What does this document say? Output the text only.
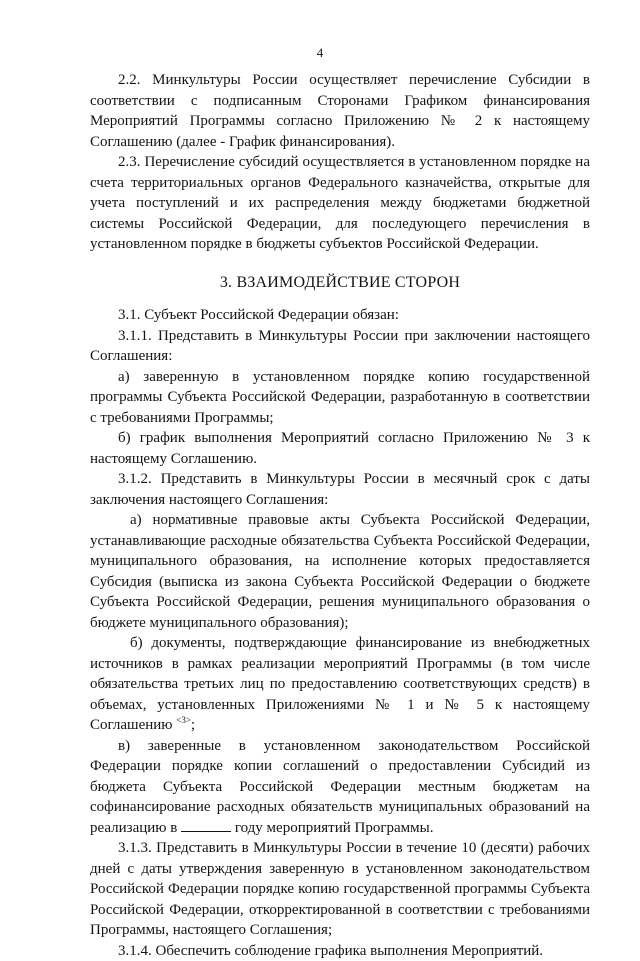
4

2.2. Минкультуры России осуществляет перечисление Субсидии в соответствии с подписанным Сторонами Графиком финансирования Мероприятий Программы согласно Приложению № 2 к настоящему Соглашению (далее - График финансирования).

2.3. Перечисление субсидий осуществляется в установленном порядке на счета территориальных органов Федерального казначейства, открытые для учета поступлений и их распределения между бюджетами бюджетной системы Российской Федерации, для последующего перечисления в установленном порядке в бюджеты субъектов Российской Федерации.

3. ВЗАИМОДЕЙСТВИЕ СТОРОН

3.1. Субъект Российской Федерации обязан:

3.1.1. Представить в Минкультуры России при заключении настоящего Соглашения:

а) заверенную в установленном порядке копию государственной программы Субъекта Российской Федерации, разработанную в соответствии с требованиями Программы;

б) график выполнения Мероприятий согласно Приложению № 3 к настоящему Соглашению.

3.1.2. Представить в Минкультуры России в месячный срок с даты заключения настоящего Соглашения:

а) нормативные правовые акты Субъекта Российской Федерации, устанавливающие расходные обязательства Субъекта Российской Федерации, муниципального образования, на исполнение которых предоставляется Субсидия (выписка из закона Субъекта Российской Федерации о бюджете Субъекта Российской Федерации, решения муниципального образования о бюджете муниципального образования);

б) документы, подтверждающие финансирование из внебюджетных источников в рамках реализации мероприятий Программы (в том числе обязательства третьих лиц по предоставлению соответствующих средств) в объемах, установленных Приложениями № 1 и № 5 к настоящему Соглашению $^{<3>}$;

в) заверенные в установленном законодательством Российской Федерации порядке копии соглашений о предоставлении Субсидий из бюджета Субъекта Российской Федерации местным бюджетам на софинансирование расходных обязательств муниципальных образований на реализацию в	году мероприятий Программы.

3.1.3. Представить в Минкультуры России в течение 10 (десяти) рабочих дней с даты утверждения заверенную в установленном законодательством Российской Федерации порядке копию государственной программы Субъекта Российской Федерации, откорректированной в соответствии с требованиями Программы, настоящего Соглашения;

3.1.4. Обеспечить соблюдение графика выполнения Мероприятий.
